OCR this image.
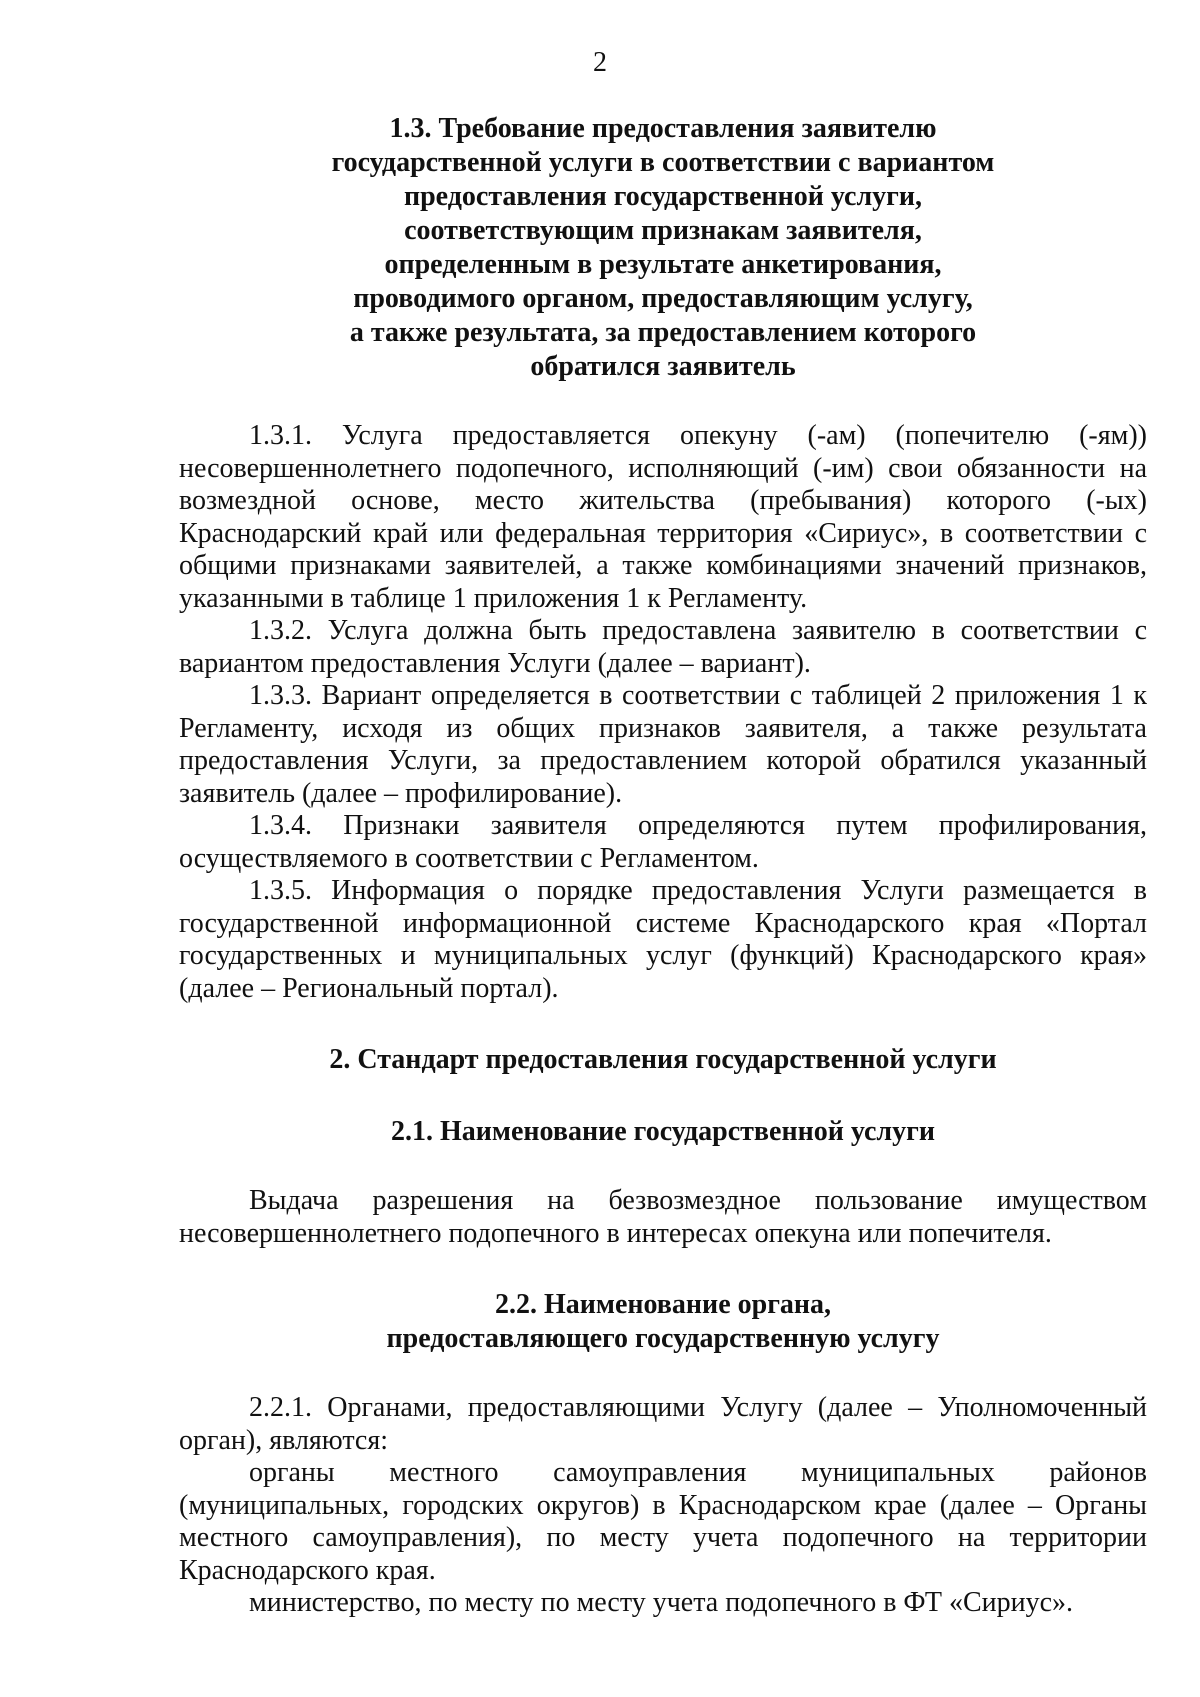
2
1.3. Требование предоставления заявителю
государственной услуги в соответствии с вариантом
предоставления государственной услуги,
соответствующим признакам заявителя,
определенным в результате анкетирования,
проводимого органом, предоставляющим услугу,
а также результата, за предоставлением которого
обратился заявитель

1.3.1. Услуга предоставляется опекуну (-ам) (попечителю (-ям)) несовершеннолетнего подопечного, исполняющий (-им) свои обязанности на возмездной основе, место жительства (пребывания) которого (-ых) Краснодарский край или федеральная территория «Сириус», в соответствии с общими признаками заявителей, а также комбинациями значений признаков, указанными в таблице 1 приложения 1 к Регламенту.

1.3.2. Услуга должна быть предоставлена заявителю в соответствии с вариантом предоставления Услуги (далее – вариант).

1.3.3. Вариант определяется в соответствии с таблицей 2 приложения 1 к Регламенту, исходя из общих признаков заявителя, а также результата предоставления Услуги, за предоставлением которой обратился указанный заявитель (далее – профилирование).

1.3.4. Признаки заявителя определяются путем профилирования, осуществляемого в соответствии с Регламентом.

1.3.5. Информация о порядке предоставления Услуги размещается в государственной информационной системе Краснодарского края «Портал государственных и муниципальных услуг (функций) Краснодарского края» (далее – Региональный портал).

2. Стандарт предоставления государственной услуги
2.1. Наименование государственной услуги

Выдача разрешения на безвозмездное пользование имуществом несовершеннолетнего подопечного в интересах опекуна или попечителя.

2.2. Наименование органа,
предоставляющего государственную услугу

2.2.1. Органами, предоставляющими Услугу (далее – Уполномоченный орган), являются:

органы местного самоуправления муниципальных районов (муниципальных, городских округов) в Краснодарском крае (далее – Органы местного самоуправления), по месту учета подопечного на территории Краснодарского края.

министерство, по месту по месту учета подопечного в ФТ «Сириус».
